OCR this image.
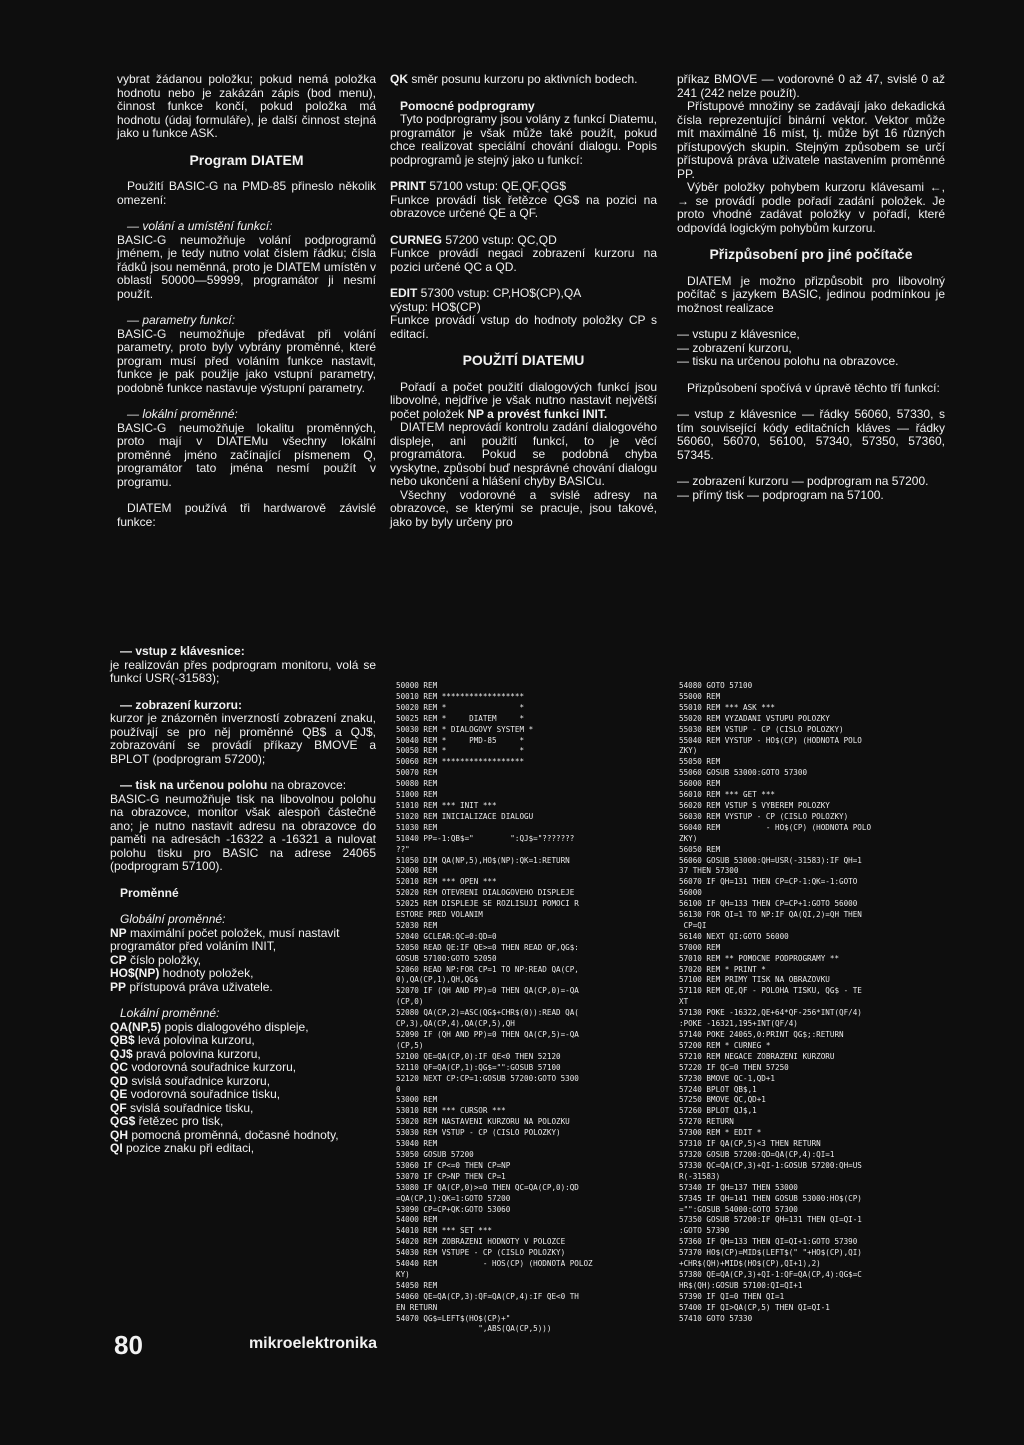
vybrat žádanou položku; pokud nemá položka hodnotu nebo je zakázán zápis (bod menu), činnost funkce končí, pokud položka má hodnotu (údaj formuláře), je další činnost stejná jako u funkce ASK.

Program DIATEM

Použití BASIC-G na PMD-85 přineslo několik omezení:

— volání a umístění funkcí:

BASIC-G neumožňuje volání podprogramů jménem, je tedy nutno volat číslem řádku; čísla řádků jsou neměnná, proto je DIATEM umístěn v oblasti 50000—59999, programátor ji nesmí použít.

— parametry funkcí:

BASIC-G neumožňuje předávat při volání parametry, proto byly vybrány proměnné, které program musí před voláním funkce nastavit, funkce je pak použije jako vstupní parametry, podobně funkce nastavuje výstupní parametry.

— lokální proměnné:

BASIC-G neumožňuje lokalitu proměnných, proto mají v DIATEMu všechny lokální proměnné jméno začínající písmenem Q, programátor tato jména nesmí použít v programu.

DIATEM používá tři hardwarově závislé funkce:

— vstup z klávesnice:

je realizován přes podprogram monitoru, volá se funkcí USR(-31583);

— zobrazení kurzoru:

kurzor je znázorněn inverzností zobrazení znaku, používají se pro něj proměnné QB$ a QJ$, zobrazování se provádí příkazy BMOVE a BPLOT (podprogram 57200);

— tisk na určenou polohu na obrazovce:

BASIC-G neumožňuje tisk na libovolnou polohu na obrazovce, monitor však alespoň částečně ano; je nutno nastavit adresu na obrazovce do paměti na adresách -16322 a -16321 a nulovat polohu tisku pro BASIC na adrese 24065 (podprogram 57100).

Proměnné

Globální proměnné:

NP maximální počet položek, musí nastavit programátor před voláním INIT,

CP číslo položky,

HO$(NP) hodnoty položek,

PP přístupová práva uživatele.

Lokální proměnné:

QA(NP,5) popis dialogového displeje,

QB$ levá polovina kurzoru,

QJ$ pravá polovina kurzoru,

QC vodorovná souřadnice kurzoru,

QD svislá souřadnice kurzoru,

QE vodorovná souřadnice tisku,

QF svislá souřadnice tisku,

QG$ řetězec pro tisk,

QH pomocná proměnná, dočasné hodnoty,

QI pozice znaku při editaci,

QK směr posunu kurzoru po aktivních bodech.

Pomocné podprogramy

Tyto podprogramy jsou volány z funkcí Diatemu, programátor je však může také použít, pokud chce realizovat speciální chování dialogu. Popis podprogramů je stejný jako u funkcí:

PRINT 57100 vstup: QE,QF,QG$

Funkce provádí tisk řetězce QG$ na pozici na obrazovce určené QE a QF.

CURNEG 57200 vstup: QC,QD

Funkce provádí negaci zobrazení kurzoru na pozici určené QC a QD.

EDIT 57300 vstup: CP,HO$(CP),QA

výstup: HO$(CP)

Funkce provádí vstup do hodnoty položky CP s editací.

POUŽITÍ DIATEMU

Pořadí a počet použití dialogových funkcí jsou libovolné, nejdříve je však nutno nastavit největší počet položek NP a provést funkci INIT.

DIATEM neprovádí kontrolu zadání dialogového displeje, ani použití funkcí, to je věcí programátora. Pokud se podobná chyba vyskytne, způsobí buď nesprávné chování dialogu nebo ukončení a hlášení chyby BASICu.

Všechny vodorovné a svislé adresy na obrazovce, se kterými se pracuje, jsou takové, jako by byly určeny pro

příkaz BMOVE — vodorovné 0 až 47, svislé 0 až 241 (242 nelze použít).

Přístupové množiny se zadávají jako dekadická čísla reprezentující binární vektor. Vektor může mít maximálně 16 míst, tj. může být 16 různých přístupových skupin. Stejným způsobem se určí přístupová práva uživatele nastavením proměnné PP.

Výběr položky pohybem kurzoru klávesami ←, → se provádí podle pořadí zadání položek. Je proto vhodné zadávat položky v pořadí, které odpovídá logickým pohybům kurzoru.

Přizpůsobení pro jiné počítače

DIATEM je možno přizpůsobit pro libovolný počítač s jazykem BASIC, jedinou podmínkou je možnost realizace

— vstupu z klávesnice,

— zobrazení kurzoru,

— tisku na určenou polohu na obrazovce.

Přizpůsobení spočívá v úpravě těchto tří funkcí:

— vstup z klávesnice — řádky 56060, 57330, s tím související kódy editačních kláves — řádky 56060, 56070, 56100, 57340, 57350, 57360, 57345.

— zobrazení kurzoru — podprogram na 57200.

— přímý tisk — podprogram na 57100.

50000 REM
50010 REM ******************
50020 REM *                *
50025 REM *     DIATEM     *
50030 REM * DIALOGOVY SYSTEM *
50040 REM *     PMD-85     *
50050 REM *                *
50060 REM ******************
50070 REM
50080 REM
51000 REM
51010 REM *** INIT ***
51020 REM INICIALIZACE DIALOGU
51030 REM
51040 PP=-1:QB$="        ":QJ$="???????
??"
51050 DIM QA(NP,5),HO$(NP):QK=1:RETURN
52000 REM
52010 REM *** OPEN ***
52020 REM OTEVRENI DIALOGOVEHO DISPLEJE
52025 REM DISPLEJE SE ROZLISUJI POMOCI R
ESTORE PRED VOLANIM
52030 REM
52040 GCLEAR:QC=0:QD=0
52050 READ QE:IF QE>=0 THEN READ QF,QG$:
GOSUB 57100:GOTO 52050
52060 READ NP:FOR CP=1 TO NP:READ QA(CP,
0),QA(CP,1),QH,QG$
52070 IF (QH AND PP)=0 THEN QA(CP,0)=-QA
(CP,0)
52080 QA(CP,2)=ASC(QG$+CHR$(0)):READ QA(
CP,3),QA(CP,4),QA(CP,5),QH
52090 IF (QH AND PP)=0 THEN QA(CP,5)=-QA
(CP,5)
52100 QE=QA(CP,0):IF QE<0 THEN 52120
52110 QF=QA(CP,1):QG$="":GOSUB 57100
52120 NEXT CP:CP=1:GOSUB 57200:GOTO 5300
0
53000 REM
53010 REM *** CURSOR ***
53020 REM NASTAVENI KURZORU NA POLOZKU
53030 REM VSTUP - CP (CISLO POLOZKY)
53040 REM
53050 GOSUB 57200
53060 IF CP<=0 THEN CP=NP
53070 IF CP>NP THEN CP=1
53080 IF QA(CP,0)>=0 THEN QC=QA(CP,0):QD
=QA(CP,1):QK=1:GOTO 57200
53090 CP=CP+QK:GOTO 53060
54000 REM
54010 REM *** SET ***
54020 REM ZOBRAZENI HODNOTY V POLOZCE
54030 REM VSTUPE - CP (CISLO POLOZKY)
54040 REM          - HOS(CP) (HODNOTA POLOZ
KY)
54050 REM
54060 QE=QA(CP,3):QF=QA(CP,4):IF QE<0 TH
EN RETURN
54070 QG$=LEFT$(HO$(CP)+"
",ABS(QA(CP,5)))
54080 GOTO 57100
55000 REM
55010 REM *** ASK ***
55020 REM VYZADANI VSTUPU POLOZKY
55030 REM VSTUP - CP (CISLO POLOZKY)
55040 REM VYSTUP - HO$(CP) (HODNOTA POLO
ZKY)
55050 REM
55060 GOSUB 53000:GOTO 57300
56000 REM
56010 REM *** GET ***
56020 REM VSTUP S VYBEREM POLOZKY
56030 REM VYSTUP - CP (CISLO POLOZKY)
56040 REM          - HO$(CP) (HODNOTA POLO
ZKY)
56050 REM
56060 GOSUB 53000:QH=USR(-31583):IF QH=1
37 THEN 57300
56070 IF QH=131 THEN CP=CP-1:QK=-1:GOTO
56000
56100 IF QH=133 THEN CP=CP+1:GOTO 56000
56130 FOR QI=1 TO NP:IF QA(QI,2)=QH THEN
CP=QI
56140 NEXT QI:GOTO 56000
57000 REM
57010 REM ** POMOCNE PODPROGRAMY **
57020 REM * PRINT *
57100 REM PRIMY TISK NA OBRAZOVKU
57110 REM QE,QF - POLOHA TISKU, QG$ - TE
XT
57130 POKE -16322,QE+64*QF-256*INT(QF/4)
:POKE -16321,195+INT(QF/4)
57140 POKE 24065,0:PRINT QG$;:RETURN
57200 REM * CURNEG *
57210 REM NEGACE ZOBRAZENI KURZORU
57220 IF QC=0 THEN 57250
57230 BMOVE QC-1,QD+1
57240 BPLOT QB$,1
57250 BMOVE QC,QD+1
57260 BPLOT QJ$,1
57270 RETURN
57300 REM * EDIT *
57310 IF QA(CP,5)<3 THEN RETURN
57320 GOSUB 57200:QD=QA(CP,4):QI=1
57330 QC=QA(CP,3)+QI-1:GOSUB 57200:QH=US
R(-31583)
57340 IF QH=137 THEN 53000
57345 IF QH=141 THEN GOSUB 53000:HO$(CP)
="":GOSUB 54000:GOTO 57300
57350 GOSUB 57200:IF QH=131 THEN QI=QI-1
:GOTO 57390
57360 IF QH=133 THEN QI=QI+1:GOTO 57390
57370 HO$(CP)=MID$(LEFT$(" "+HO$(CP),QI)
+CHR$(QH)+MID$(HO$(CP),QI+1),2)
57380 QE=QA(CP,3)+QI-1:QF=QA(CP,4):QG$=C
HR$(QH):GOSUB 57100:QI=QI+1
57390 IF QI=0 THEN QI=1
57400 IF QI>QA(CP,5) THEN QI=QI-1
57410 GOTO 57330
80	mikroelektronika
